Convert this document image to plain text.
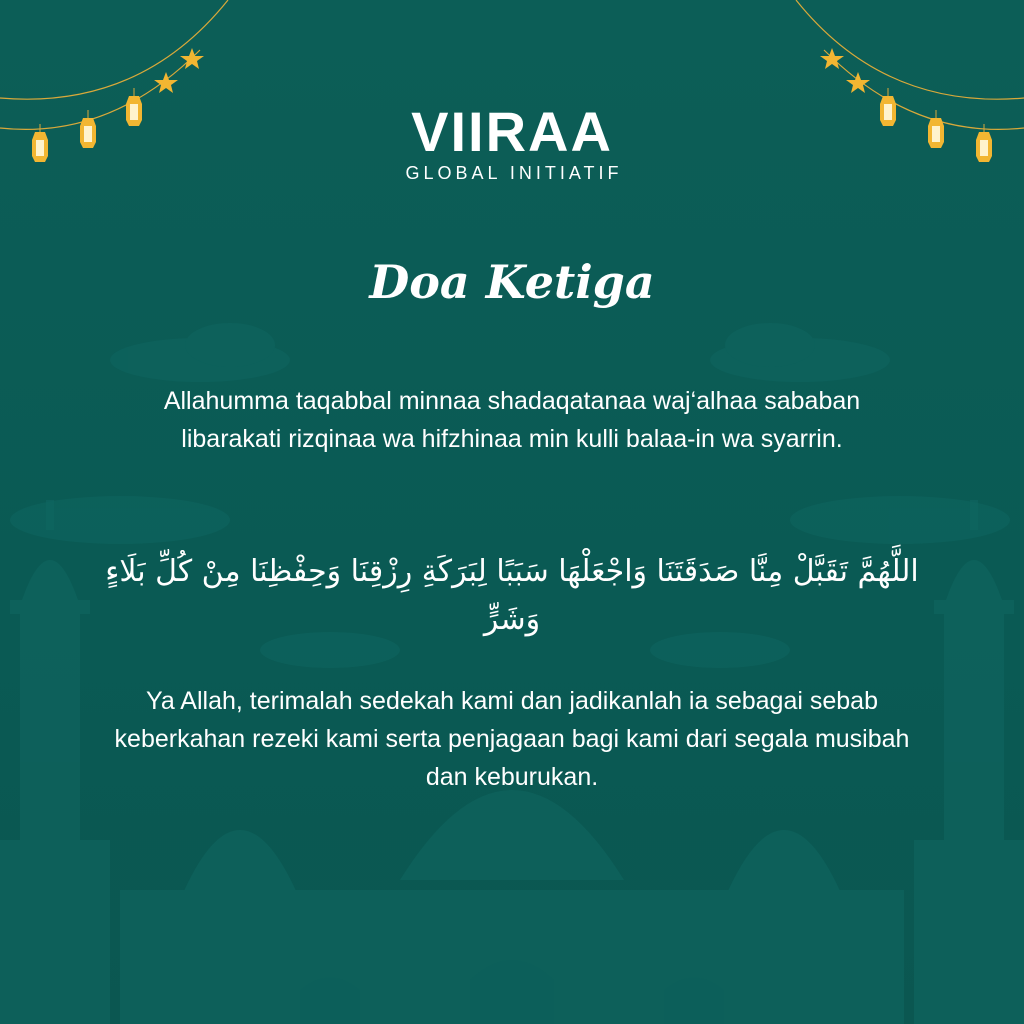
VIIRAA
GLOBAL INITIATIF
Doa Ketiga
Allahumma taqabbal minnaa shadaqatanaa waj‘alhaa sababan libarakati rizqinaa wa hifzhinaa min kulli balaa-in wa syarrin.
اللَّهُمَّ تَقَبَّلْ مِنَّا صَدَقَتَنَا وَاجْعَلْهَا سَبَبًا لِبَرَكَةِ رِزْقِنَا وَحِفْظِنَا مِنْ كُلِّ بَلَاءٍ وَشَرٍّ
Ya Allah, terimalah sedekah kami dan jadikanlah ia sebagai sebab keberkahan rezeki kami serta penjagaan bagi kami dari segala musibah dan keburukan.
